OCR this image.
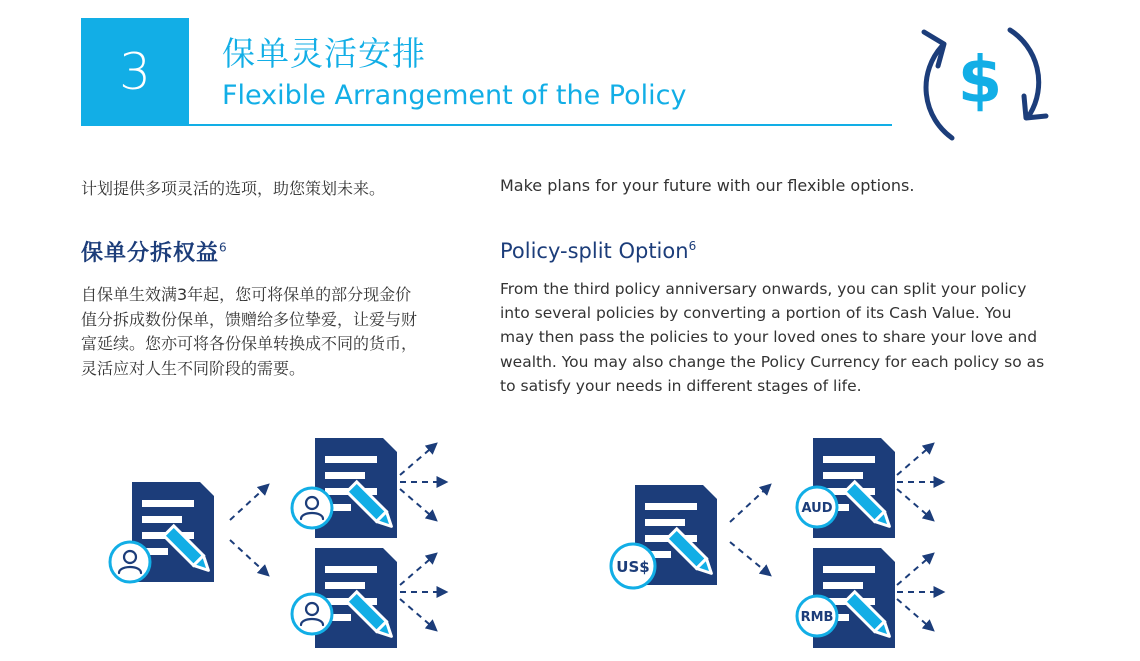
3 保单灵活安排
Flexible Arrangement of the Policy	$
计划提供多项灵活的选项，助您策划未来。	Make plans for your future with our flexible options.
保单分拆权益$^6$	Policy-split Option$^6$

自保单生效满3年起，您可将保单的部分现金价

值分拆成数份保单，馈赠给多位挚爱，让爱与财

富延续。您亦可将各份保单转换成不同的货币，

灵活应对人生不同阶段的需要。

From the third policy anniversary onwards, you can split your policy

into several policies by converting a portion of its Cash Value. You

may then pass the policies to your loved ones to share your love and

wealth. You may also change the Policy Currency for each policy so as

to satisfy your needs in different stages of life.

US$
AUD
RMB
